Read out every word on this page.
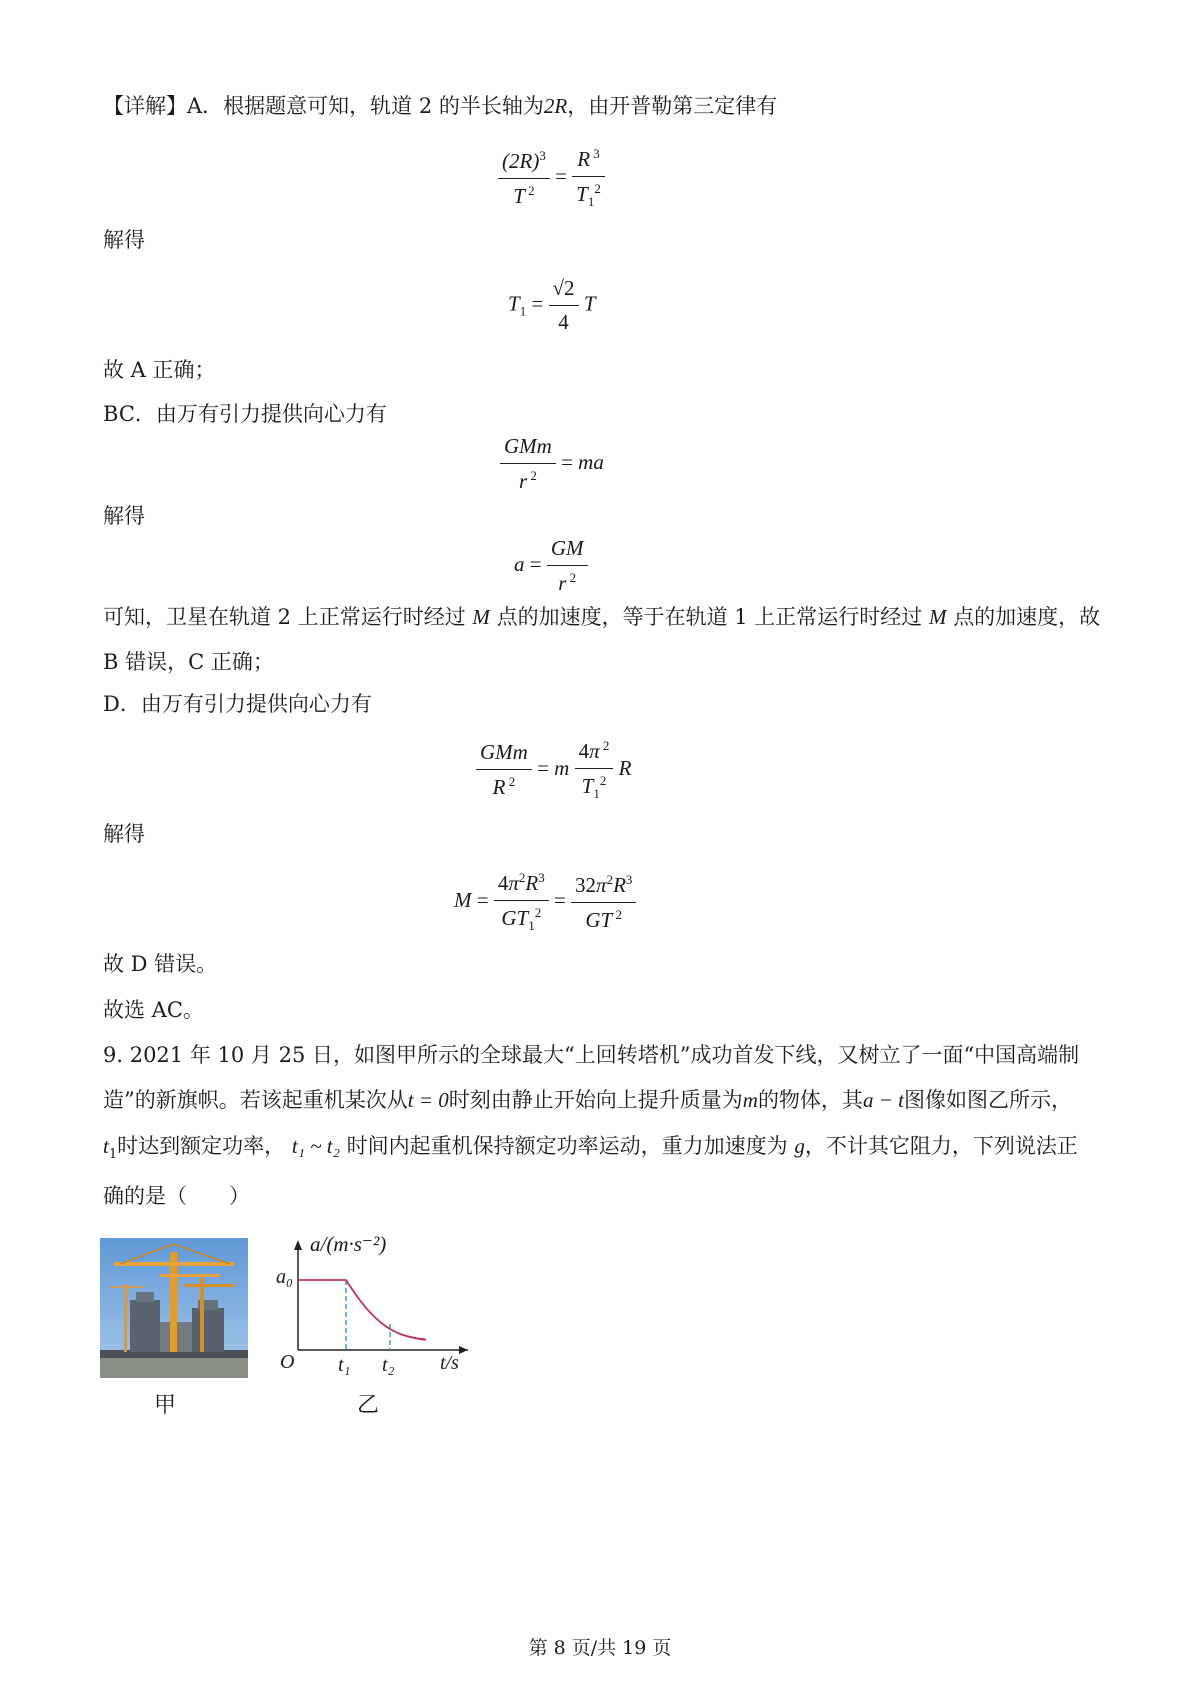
【详解】A．根据题意可知，轨道 2 的半长轴为2R，由开普勒第三定律有
$\frac{(2R)^3}{T ^2} = \frac{R ^3}{T_1^2}$
解得
$T_1 = \frac{√2}{4}$ T
故 A 正确；
BC．由万有引力提供向心力有
$\frac{\text{GMm}}{r ^2}$ = ma
解得
$a = \frac{GM}{r ^2}$
可知，卫星在轨道 2 上正常运行时经过 M 点的加速度，等于在轨道 1 上正常运行时经过 M 点的加速度，故
B 错误，C 正确；
D．由万有引力提供向心力有
$\frac{\text{GMm}}{R ^2} = m \frac{4\pi ^2}{T_1^2}$ R
解得
$M = \frac{4\pi^2R^3}{GT_1^2} = \frac{32\pi^2R^3}{GT ^2}$
故 D 错误。
故选 AC。
9. 2021 年 10 月 25 日，如图甲所示的全球最大“上回转塔机”成功首发下线，又树立了一面“中国高端制
造”的新旗帜。若该起重机某次从t = 0时刻由静止开始向上提升质量为m的物体，其a − t图像如图乙所示，
$t_1$时达到额定功率， t₁ ~ t₂ 时间内起重机保持额定功率运动，重力加速度为 g，不计其它阻力，下列说法正
确的是（　　）
甲
a/(m·s⁻²)
a₀
O t₁ t₂ t/s
乙
第 8 页/共 19 页
